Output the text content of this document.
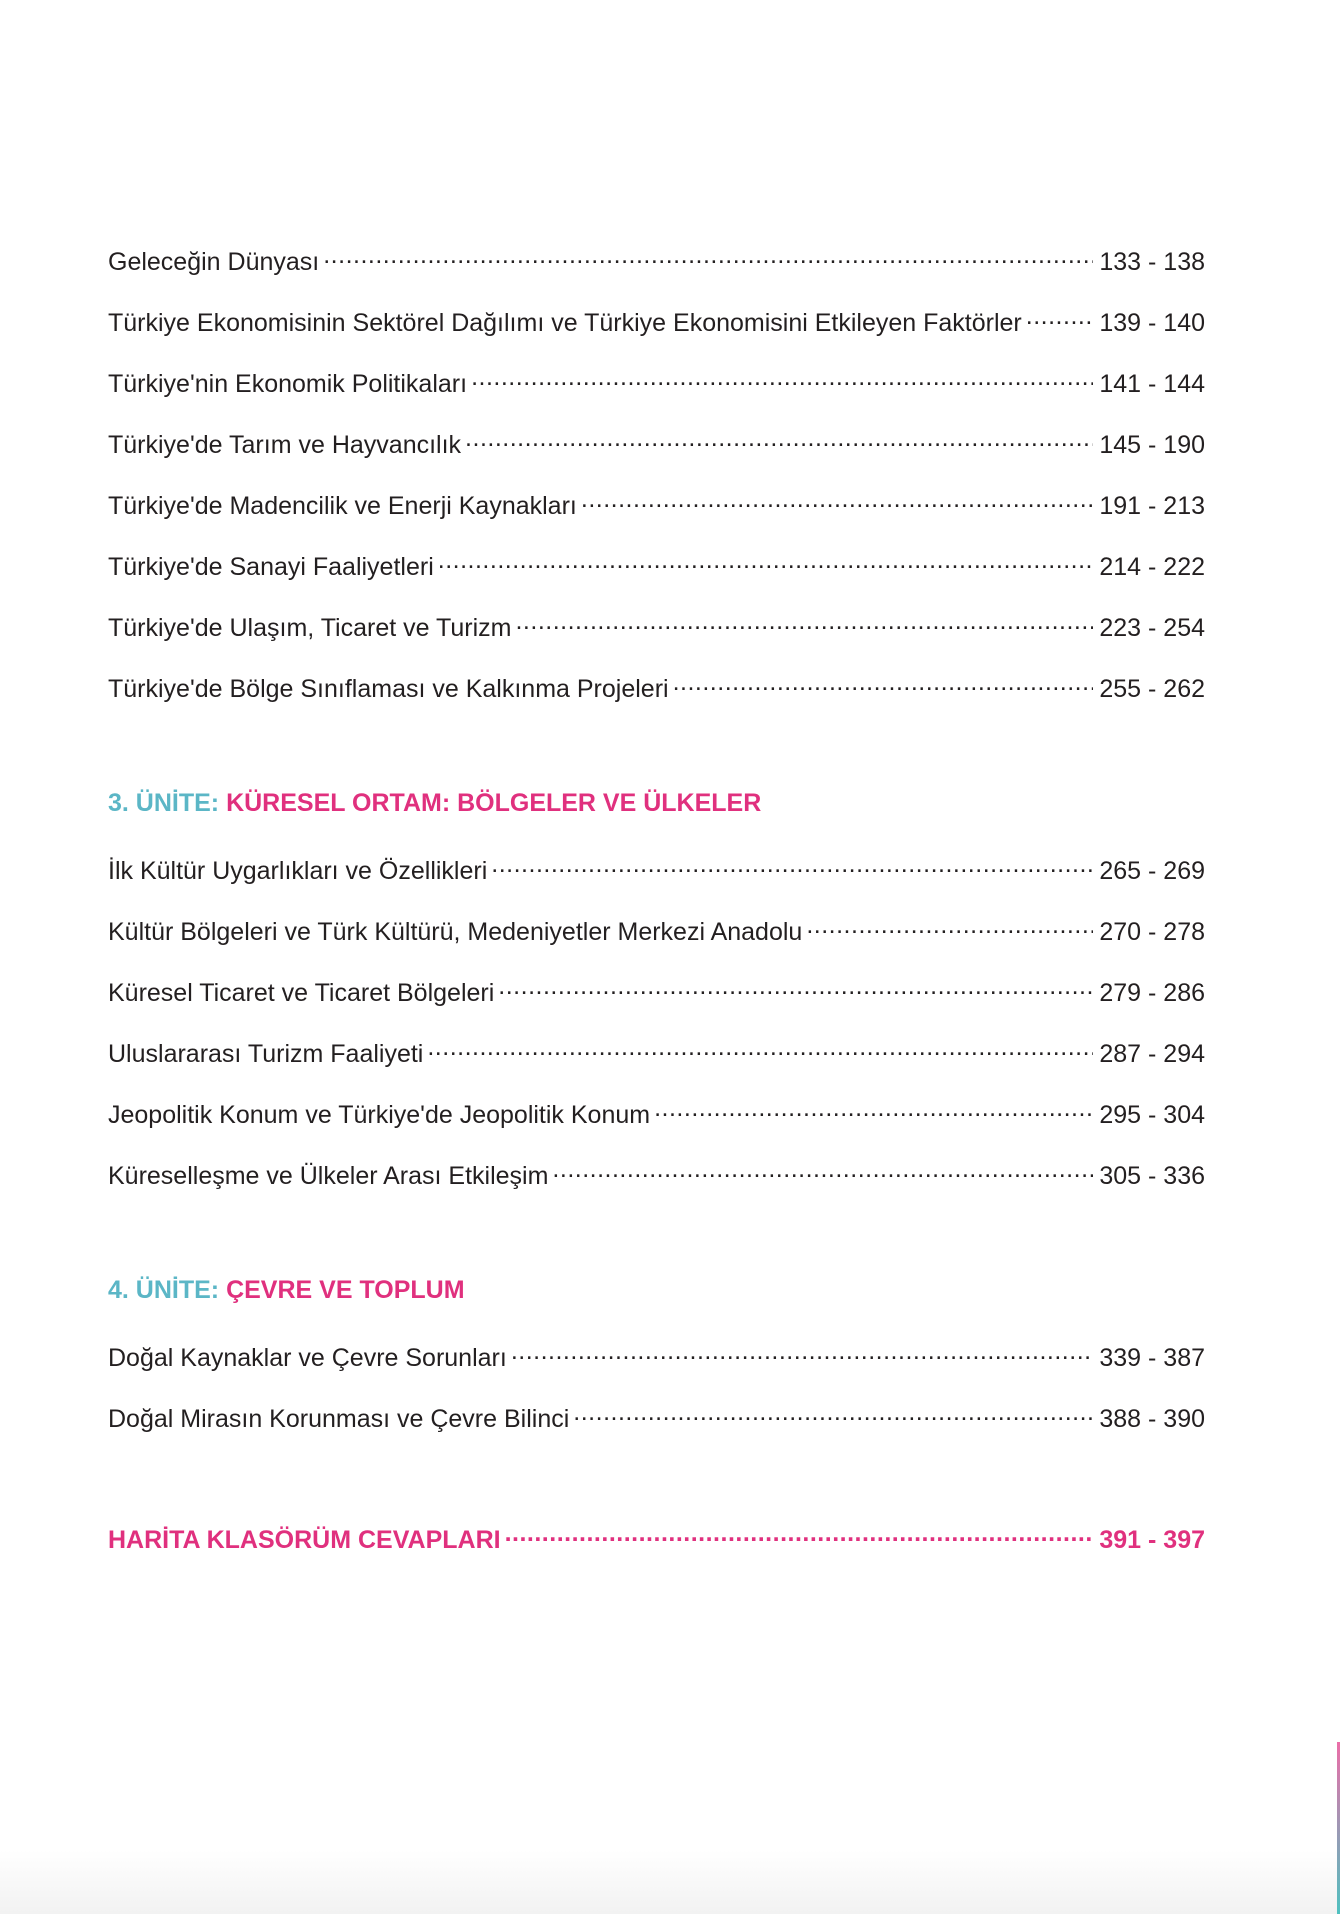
Geleceğin Dünyası .....	133 - 138
Türkiye Ekonomisinin Sektörel Dağılımı ve Türkiye Ekonomisini Etkileyen Faktörler .....	139 - 140
Türkiye'nin Ekonomik Politikaları .....	141 - 144
Türkiye'de Tarım ve Hayvancılık .....	145 - 190
Türkiye'de Madencilik ve Enerji Kaynakları .....	191 - 213
Türkiye'de Sanayi Faaliyetleri .....	214 - 222
Türkiye'de Ulaşım, Ticaret ve Turizm .....	223 - 254
Türkiye'de Bölge Sınıflaması ve Kalkınma Projeleri .....	255 - 262
3. ÜNİTE: KÜRESEL ORTAM: BÖLGELER VE ÜLKELER
İlk Kültür Uygarlıkları ve Özellikleri .....	265 - 269
Kültür Bölgeleri ve Türk Kültürü, Medeniyetler Merkezi Anadolu .....	270 - 278
Küresel Ticaret ve Ticaret Bölgeleri .....	279 - 286
Uluslararası Turizm Faaliyeti .....	287 - 294
Jeopolitik Konum ve Türkiye'de Jeopolitik Konum .....	295 - 304
Küreselleşme ve Ülkeler Arası Etkileşim .....	305 - 336
4. ÜNİTE: ÇEVRE VE TOPLUM
Doğal Kaynaklar ve Çevre Sorunları .....	339 - 387
Doğal Mirasın Korunması ve Çevre Bilinci .....	388 - 390
HARİTA KLASÖRÜM CEVAPLARI .....	391 - 397
